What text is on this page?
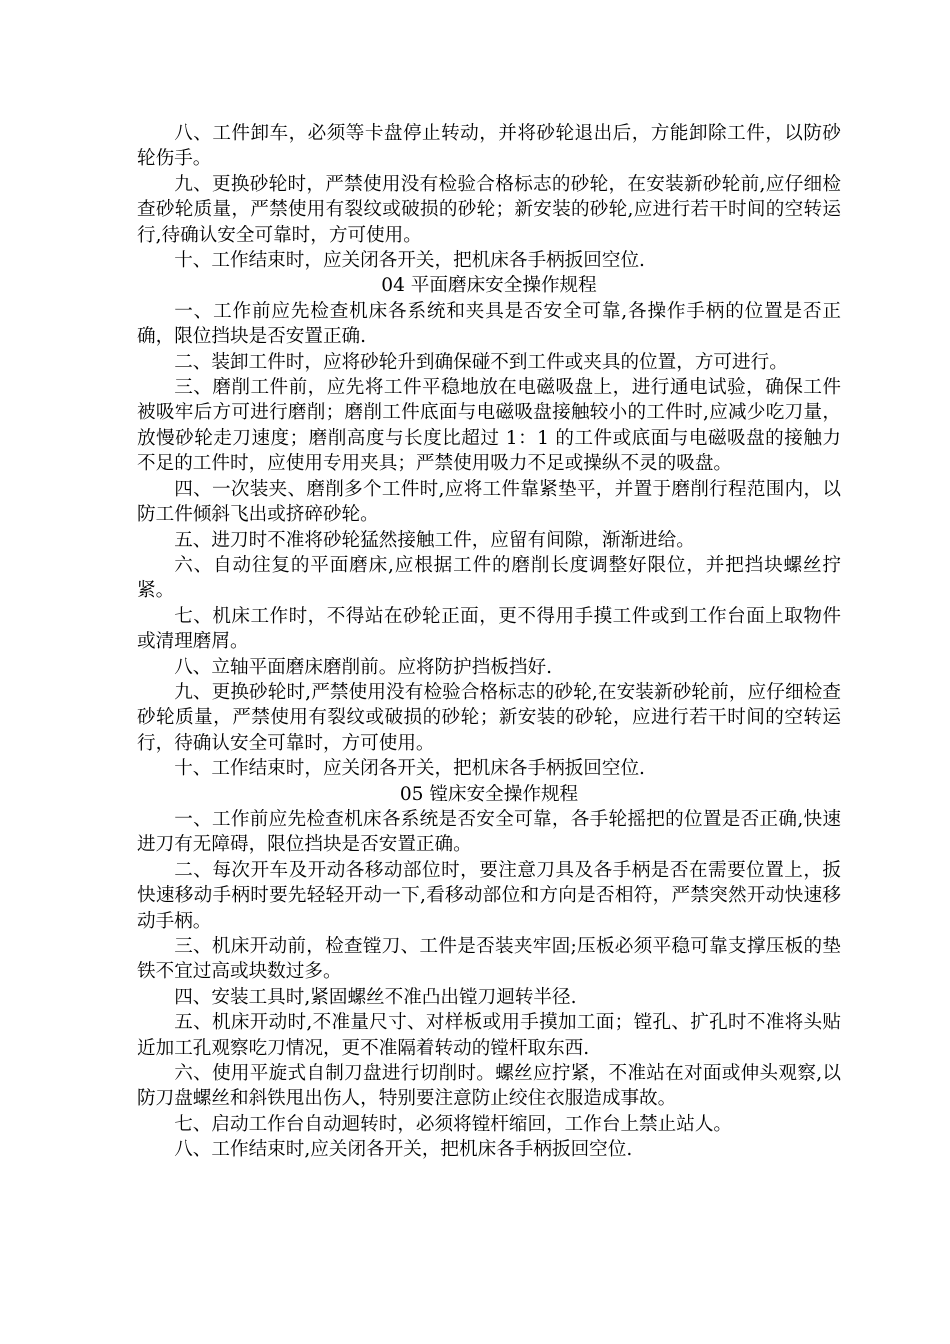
八、工件卸车，必须等卡盘停止转动，并将砂轮退出后，方能卸除工件，以防砂轮伤手。

九、更换砂轮时，严禁使用没有检验合格标志的砂轮，在安装新砂轮前,应仔细检查砂轮质量，严禁使用有裂纹或破损的砂轮；新安装的砂轮,应进行若干时间的空转运行,待确认安全可靠时，方可使用。

十、工作结束时，应关闭各开关，把机床各手柄扳回空位.

04 平面磨床安全操作规程

一、工作前应先检查机床各系统和夹具是否安全可靠,各操作手柄的位置是否正确，限位挡块是否安置正确.

二、装卸工件时，应将砂轮升到确保碰不到工件或夹具的位置，方可进行。

三、磨削工件前，应先将工件平稳地放在电磁吸盘上，进行通电试验，确保工件被吸牢后方可进行磨削；磨削工件底面与电磁吸盘接触较小的工件时,应减少吃刀量，放慢砂轮走刀速度；磨削高度与长度比超过 1：1 的工件或底面与电磁吸盘的接触力不足的工件时，应使用专用夹具；严禁使用吸力不足或操纵不灵的吸盘。

四、一次装夹、磨削多个工件时,应将工件靠紧垫平，并置于磨削行程范围内，以防工件倾斜飞出或挤碎砂轮。

五、进刀时不准将砂轮猛然接触工件，应留有间隙，渐渐进给。

六、自动往复的平面磨床,应根据工件的磨削长度调整好限位，并把挡块螺丝拧紧。

七、机床工作时，不得站在砂轮正面，更不得用手摸工件或到工作台面上取物件或清理磨屑。

八、立轴平面磨床磨削前。应将防护挡板挡好.

九、更换砂轮时,严禁使用没有检验合格标志的砂轮,在安装新砂轮前，应仔细检查砂轮质量，严禁使用有裂纹或破损的砂轮；新安装的砂轮，应进行若干时间的空转运行，待确认安全可靠时，方可使用。

十、工作结束时，应关闭各开关，把机床各手柄扳回空位.

05 镗床安全操作规程

一、工作前应先检查机床各系统是否安全可靠，各手轮摇把的位置是否正确,快速进刀有无障碍，限位挡块是否安置正确。

二、每次开车及开动各移动部位时，要注意刀具及各手柄是否在需要位置上，扳快速移动手柄时要先轻轻开动一下,看移动部位和方向是否相符，严禁突然开动快速移动手柄。

三、机床开动前，检查镗刀、工件是否装夹牢固;压板必须平稳可靠支撑压板的垫铁不宜过高或块数过多。

四、安装工具时,紧固螺丝不准凸出镗刀迴转半径.

五、机床开动时,不准量尺寸、对样板或用手摸加工面；镗孔、扩孔时不准将头贴近加工孔观察吃刀情况，更不准隔着转动的镗杆取东西.

六、使用平旋式自制刀盘进行切削时。螺丝应拧紧，不准站在对面或伸头观察,以防刀盘螺丝和斜铁甩出伤人，特别要注意防止绞住衣服造成事故。

七、启动工作台自动迴转时，必须将镗杆缩回，工作台上禁止站人。

八、工作结束时,应关闭各开关，把机床各手柄扳回空位.
